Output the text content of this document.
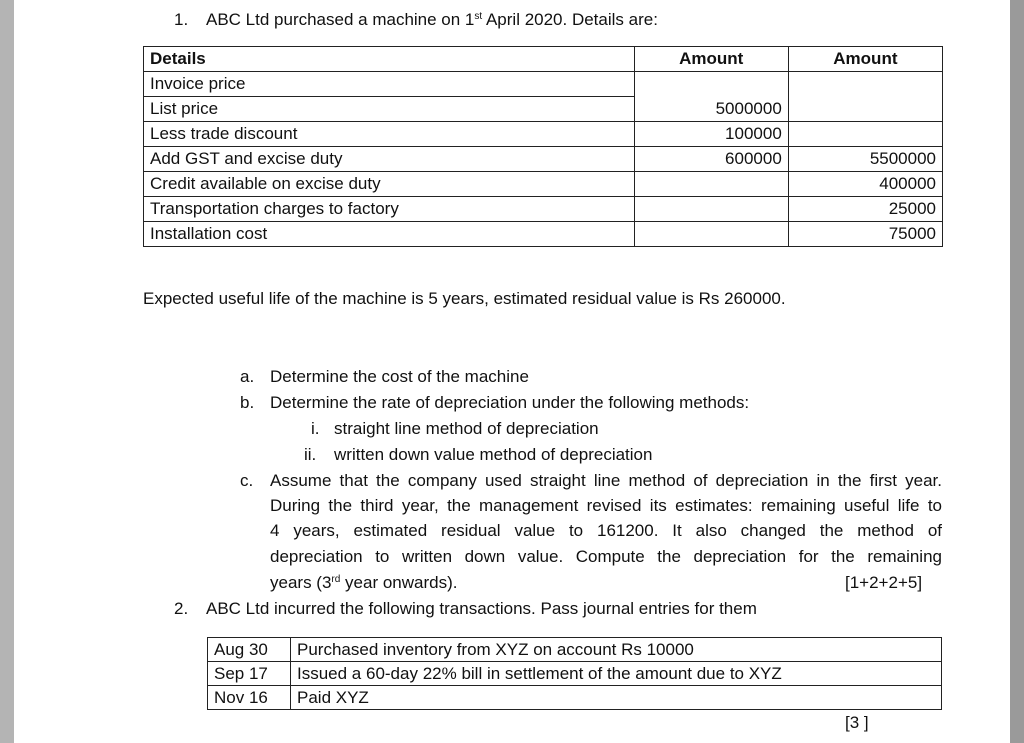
1. ABC Ltd purchased a machine on 1st April 2020. Details are:
Details	Amount	Amount
Invoice price		
List price	5000000	
Less trade discount	100000	
Add GST and excise duty	600000	5500000
Credit available on excise duty		400000
Transportation charges to factory		25000
Installation cost		75000
Expected useful life of the machine is 5 years, estimated residual value is Rs 260000.
a. Determine the cost of the machine
b. Determine the rate of depreciation under the following methods:
i. straight line method of depreciation
ii. written down value method of depreciation
c. Assume that the company used straight line method of depreciation in the first year.
During the third year, the management revised its estimates: remaining useful life to
4 years, estimated residual value to 161200. It also changed the method of
depreciation to written down value. Compute the depreciation for the remaining
years (3rd year onwards).	[1+2+2+5]
2. ABC Ltd incurred the following transactions. Pass journal entries for them
Aug 30	Purchased inventory from XYZ on account Rs 10000
Sep 17	Issued a 60-day 22% bill in settlement of the amount due to XYZ
Nov 16	Paid XYZ
[3 ]
